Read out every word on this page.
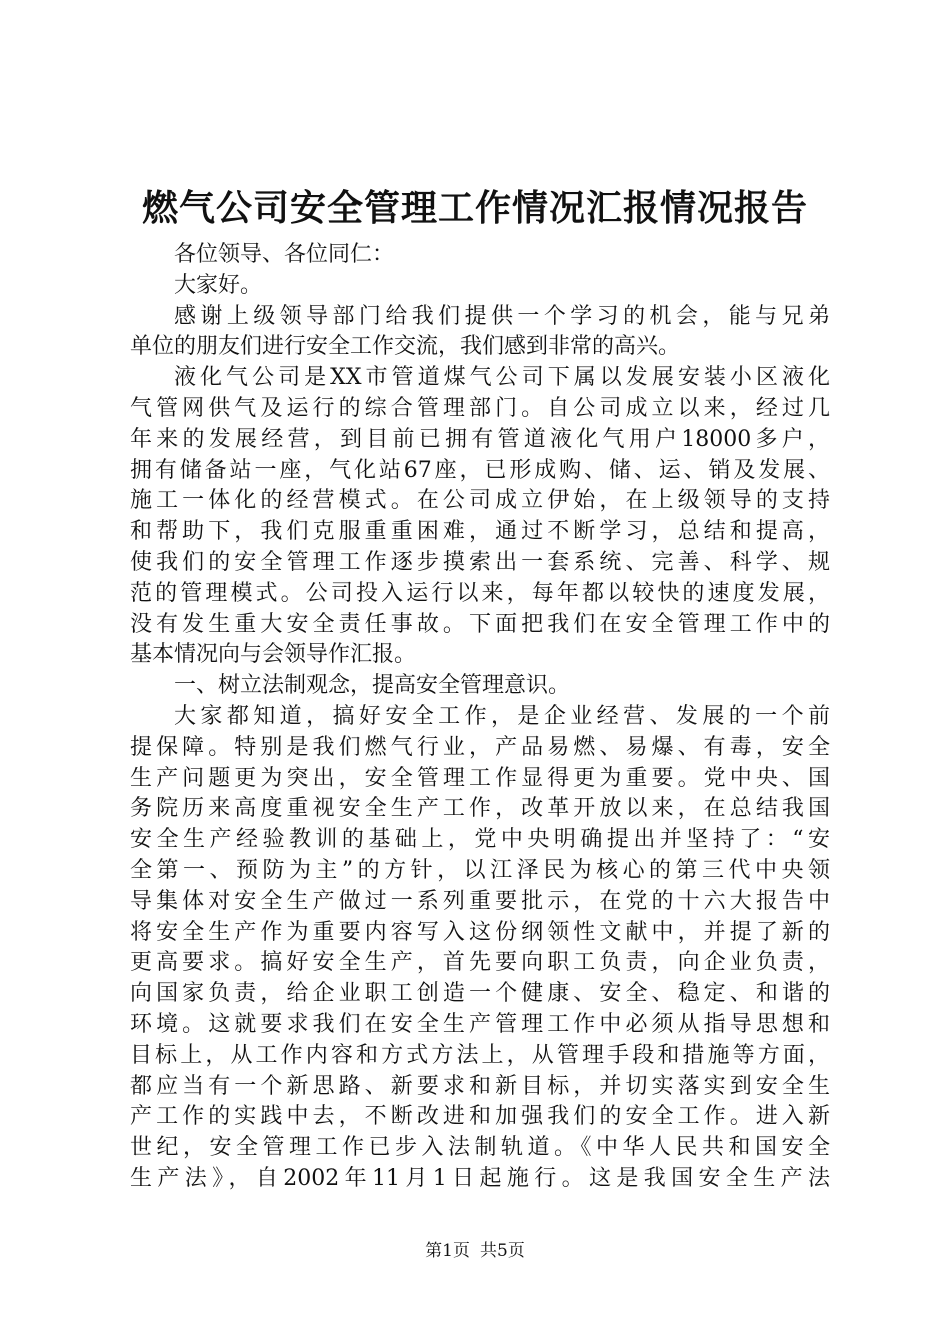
燃气公司安全管理工作情况汇报情况报告
各位领导、各位同仁：
大家好。
感谢上级领导部门给我们提供一个学习的机会，能与兄弟
单位的朋友们进行安全工作交流，我们感到非常的高兴。
液化气公司是XX市管道煤气公司下属以发展安装小区液化
气管网供气及运行的综合管理部门。自公司成立以来，经过几
年来的发展经营，到目前已拥有管道液化气用户18000多户，
拥有储备站一座，气化站67座，已形成购、储、运、销及发展、
施工一体化的经营模式。在公司成立伊始，在上级领导的支持
和帮助下，我们克服重重困难，通过不断学习，总结和提高，
使我们的安全管理工作逐步摸索出一套系统、完善、科学、规
范的管理模式。公司投入运行以来，每年都以较快的速度发展，
没有发生重大安全责任事故。下面把我们在安全管理工作中的
基本情况向与会领导作汇报。
一、树立法制观念，提高安全管理意识。
大家都知道，搞好安全工作，是企业经营、发展的一个前
提保障。特别是我们燃气行业，产品易燃、易爆、有毒，安全
生产问题更为突出，安全管理工作显得更为重要。党中央、国
务院历来高度重视安全生产工作，改革开放以来，在总结我国
安全生产经验教训的基础上，党中央明确提出并坚持了：“安
全第一、预防为主”的方针，以江泽民为核心的第三代中央领
导集体对安全生产做过一系列重要批示，在党的十六大报告中
将安全生产作为重要内容写入这份纲领性文献中，并提了新的
更高要求。搞好安全生产，首先要向职工负责，向企业负责，
向国家负责，给企业职工创造一个健康、安全、稳定、和谐的
环境。这就要求我们在安全生产管理工作中必须从指导思想和
目标上，从工作内容和方式方法上，从管理手段和措施等方面，
都应当有一个新思路、新要求和新目标，并切实落实到安全生
产工作的实践中去，不断改进和加强我们的安全工作。进入新
世纪，安全管理工作已步入法制轨道。《中华人民共和国安全
生产法》，自2002年11月1日起施行。这是我国安全生产法
第1页 共5页
